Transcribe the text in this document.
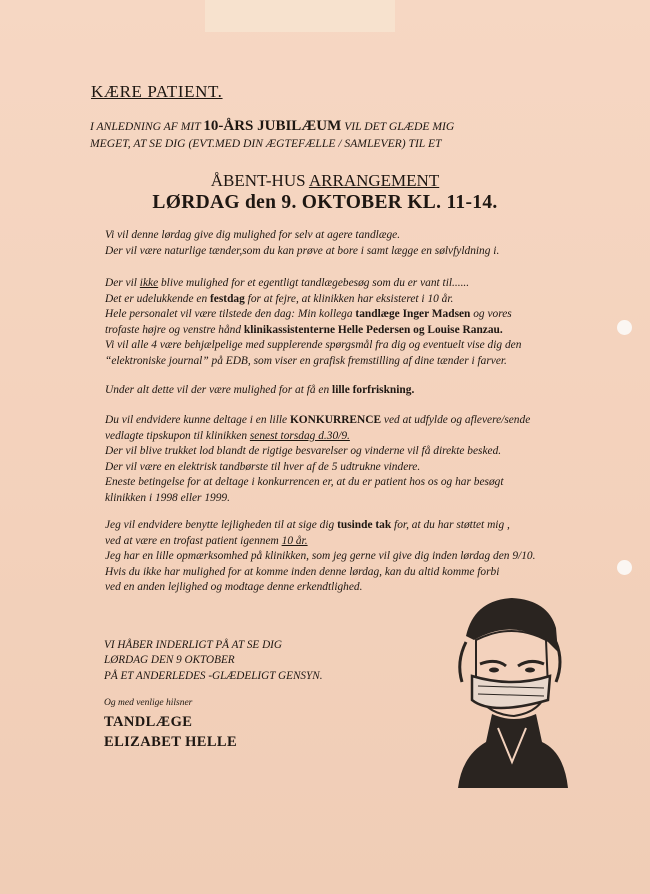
KÆRE PATIENT.
I ANLEDNING AF MIT 10-ÅRS JUBILÆUM VIL DET GLÆDE MIG
MEGET, AT SE DIG (EVT.MED DIN ÆGTEFÆLLE / SAMLEVER) TIL ET
ÅBENT-HUS ARRANGEMENT
LØRDAG den 9. OKTOBER KL. 11-14.
Vi vil denne lørdag give dig mulighed for selv at agere tandlæge.
Der vil være naturlige tænder,som du kan prøve at bore i samt lægge en sølvfyldning i.
Der vil ikke blive mulighed for et egentligt tandlægebesøg som du er vant til......
Det er udelukkende en festdag for at fejre, at klinikken har eksisteret i 10 år.
Hele personalet vil være tilstede den dag: Min kollega tandlæge Inger Madsen og vores
trofaste højre og venstre hånd klinikassistenterne Helle Pedersen og Louise Ranzau.
Vi vil alle 4 være behjælpelige med supplerende spørgsmål fra dig og eventuelt vise dig den
“elektroniske journal” på EDB, som viser en grafisk fremstilling af dine tænder i farver.
Under alt dette vil der være mulighed for at få en lille forfriskning.
Du vil endvidere kunne deltage i en lille KONKURRENCE ved at udfylde og aflevere/sende
vedlagte tipskupon til klinikken senest torsdag d.30/9.
Der vil blive trukket lod blandt de rigtige besvarelser og vinderne vil få direkte besked.
Der vil være en elektrisk tandbørste til hver af de 5 udtrukne vindere.
Eneste betingelse for at deltage i konkurrencen er, at du er patient hos os og har besøgt
klinikken i 1998 eller 1999.
Jeg vil endvidere benytte lejligheden til at sige dig tusinde tak for, at du har støttet mig ,
ved at være en trofast patient igennem 10 år.
Jeg har en lille opmærksomhed på klinikken, som jeg gerne vil give dig inden lørdag den 9/10.
Hvis du ikke har mulighed for at komme inden denne lørdag, kan du altid komme forbi
ved en anden lejlighed og modtage denne erkendtlighed.
VI HÅBER INDERLIGT PÅ AT SE DIG
LØRDAG DEN 9 OKTOBER
PÅ ET ANDERLEDES -GLÆDELIGT GENSYN.
Og med venlige hilsner
TANDLÆGE
ELIZABET HELLE
